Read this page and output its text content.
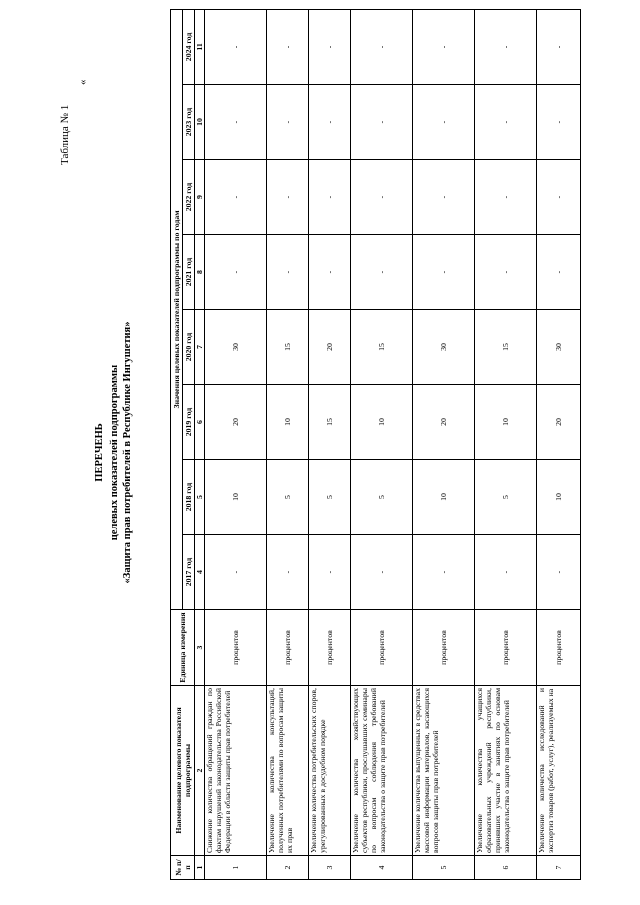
«
Таблица № 1
ПЕРЕЧЕНЬ целевых показателей подпрограммы «Защита прав потребителей в Республике Ингушетия»
№ п/п	Наименование целевого показателя подпрограммы	Единица измерения	Значения целевых показателей подпрограммы по годам							
			2017 год	2018 год	2019 год	2020 год	2021 год	2022 год	2023 год	2024 год
1	2	3	4	5	6	7	8	9	10	11
1	Снижение количества обращений граждан по фактам нарушений законодательства Российской Федерации в области защиты прав потребителей	процентов	-	10	20	30	-	-	-	-
2	Увеличение количества консультаций, полученных потребителями по вопросам защиты их прав	процентов	-	5	10	15	-	-	-	-
3	Увеличение количества потребительских споров, урегулированных в досудебном порядке	процентов	-	5	15	20	-	-	-	-
4	Увеличение количества хозяйствующих субъектов республики, прослушавших семинары по вопросам соблюдения требований законодательства о защите прав потребителей	процентов	-	5	10	15	-	-	-	-
5	Увеличение количества выпущенных в средствах массовой информации материалов, касающихся вопросов защиты прав потребителей	процентов	-	10	20	30	-	-	-	-
6	Увеличение количества учащихся образовательных учреждений республики, принявших участие в занятиях по основам законодательства о защите прав потребителей	процентов	-	5	10	15	-	-	-	-
7	Увеличение количества исследований и экспертиз товаров (работ, услуг), реализуемых на	процентов	-	10	20	30	-	-	-	-
